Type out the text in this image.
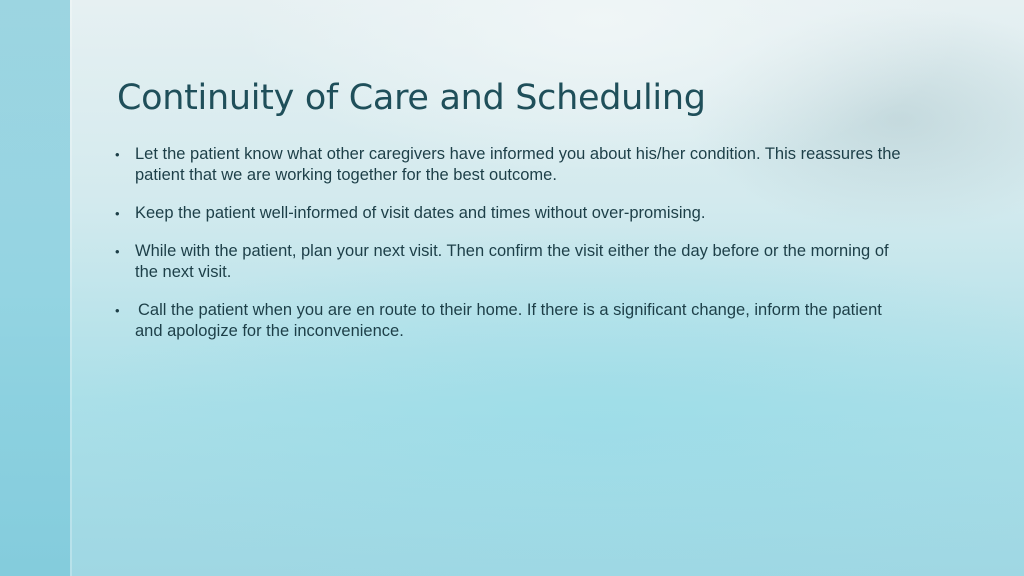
Continuity of Care and Scheduling
• Let the patient know what other caregivers have informed you about his/her condition. This reassures the patient that we are working together for the best outcome.
• Keep the patient well-informed of visit dates and times without over-promising.
• While with the patient, plan your next visit. Then confirm the visit either the day before or the morning of the next visit.
• Call the patient when you are en route to their home. If there is a significant change, inform the patient and apologize for the inconvenience.
